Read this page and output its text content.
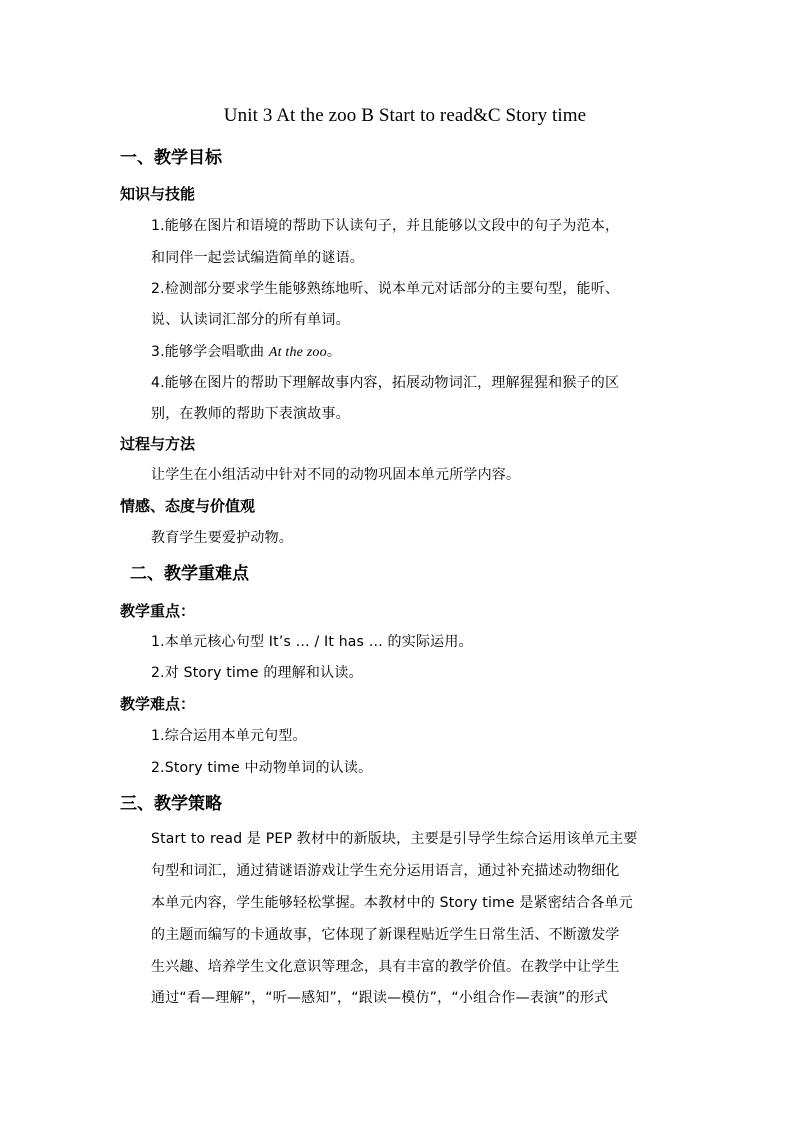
Unit 3 At the zoo B Start to read&C Story time
一、教学目标
知识与技能
1.能够在图片和语境的帮助下认读句子，并且能够以文段中的句子为范本，
和同伴一起尝试编造简单的谜语。
2.检测部分要求学生能够熟练地听、说本单元对话部分的主要句型，能听、
说、认读词汇部分的所有单词。
3.能够学会唱歌曲 At the zoo。
4.能够在图片的帮助下理解故事内容，拓展动物词汇，理解猩猩和猴子的区
别，在教师的帮助下表演故事。
过程与方法
让学生在小组活动中针对不同的动物巩固本单元所学内容。
情感、态度与价值观
教育学生要爱护动物。
二、教学重难点
教学重点：
1.本单元核心句型 It’s … / It has … 的实际运用。
2.对 Story time 的理解和认读。
教学难点：
1.综合运用本单元句型。
2.Story time 中动物单词的认读。
三、教学策略
Start to read 是 PEP 教材中的新版块，主要是引导学生综合运用该单元主要
句型和词汇，通过猜谜语游戏让学生充分运用语言，通过补充描述动物细化
本单元内容，学生能够轻松掌握。本教材中的 Story time 是紧密结合各单元
的主题而编写的卡通故事，它体现了新课程贴近学生日常生活、不断激发学
生兴趣、培养学生文化意识等理念，具有丰富的教学价值。在教学中让学生
通过“看—理解”，“听—感知”，“跟读—模仿”，“小组合作—表演”的形式
